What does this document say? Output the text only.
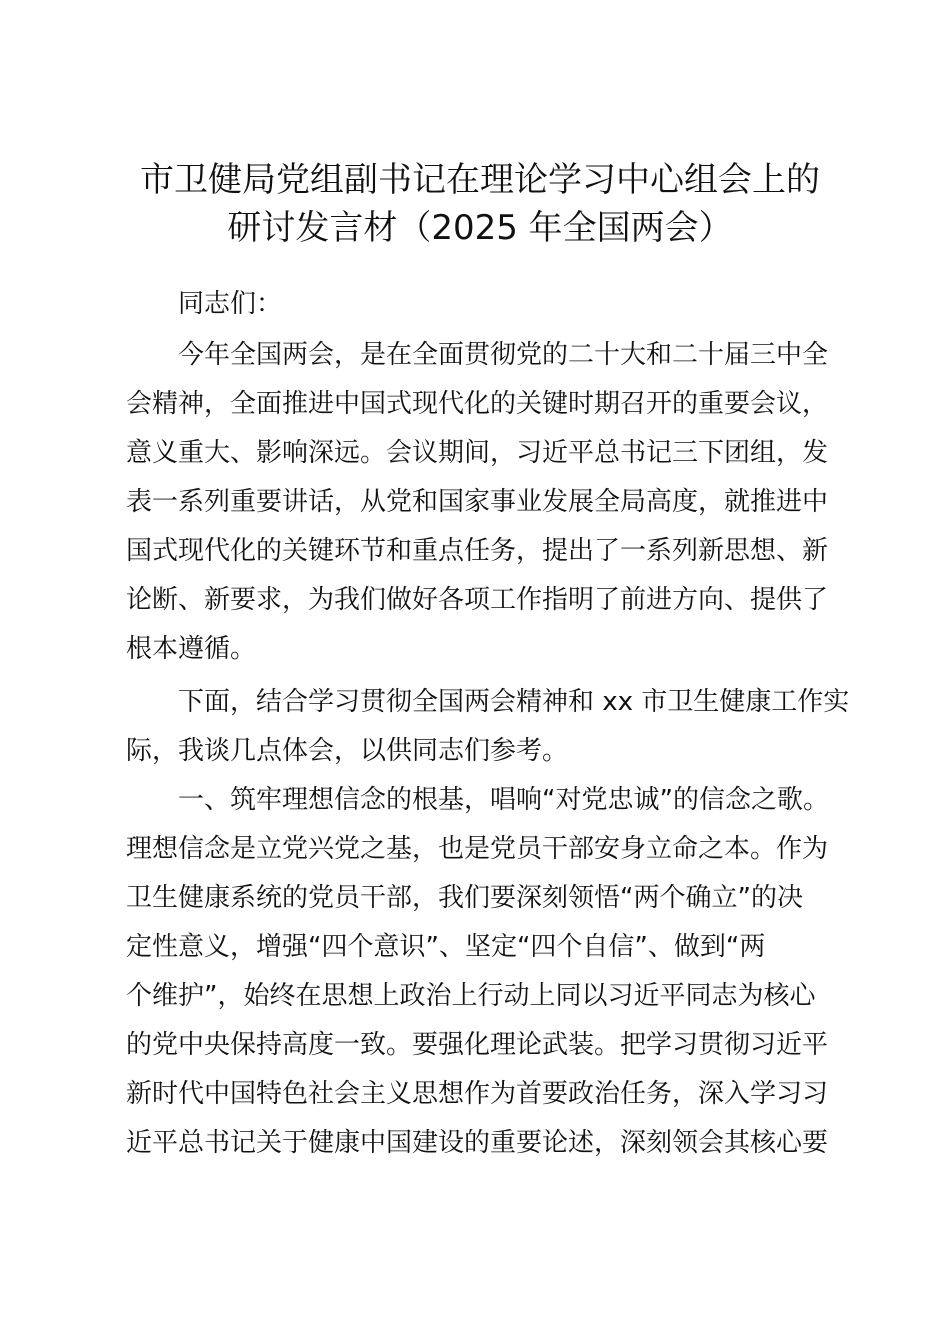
市卫健局党组副书记在理论学习中心组会上的
研讨发言材（2025 年全国两会）
同志们：
今年全国两会，是在全面贯彻党的二十大和二十届三中全
会精神，全面推进中国式现代化的关键时期召开的重要会议，
意义重大、影响深远。会议期间，习近平总书记三下团组，发
表一系列重要讲话，从党和国家事业发展全局高度，就推进中
国式现代化的关键环节和重点任务，提出了一系列新思想、新
论断、新要求，为我们做好各项工作指明了前进方向、提供了
根本遵循。
下面，结合学习贯彻全国两会精神和 xx 市卫生健康工作实
际，我谈几点体会，以供同志们参考。
一、筑牢理想信念的根基，唱响“对党忠诚”的信念之歌。
理想信念是立党兴党之基，也是党员干部安身立命之本。作为
卫生健康系统的党员干部，我们要深刻领悟“两个确立”的决
定性意义，增强“四个意识”、坚定“四个自信”、做到“两
个维护”，始终在思想上政治上行动上同以习近平同志为核心
的党中央保持高度一致。要强化理论武装。把学习贯彻习近平
新时代中国特色社会主义思想作为首要政治任务，深入学习习
近平总书记关于健康中国建设的重要论述，深刻领会其核心要
